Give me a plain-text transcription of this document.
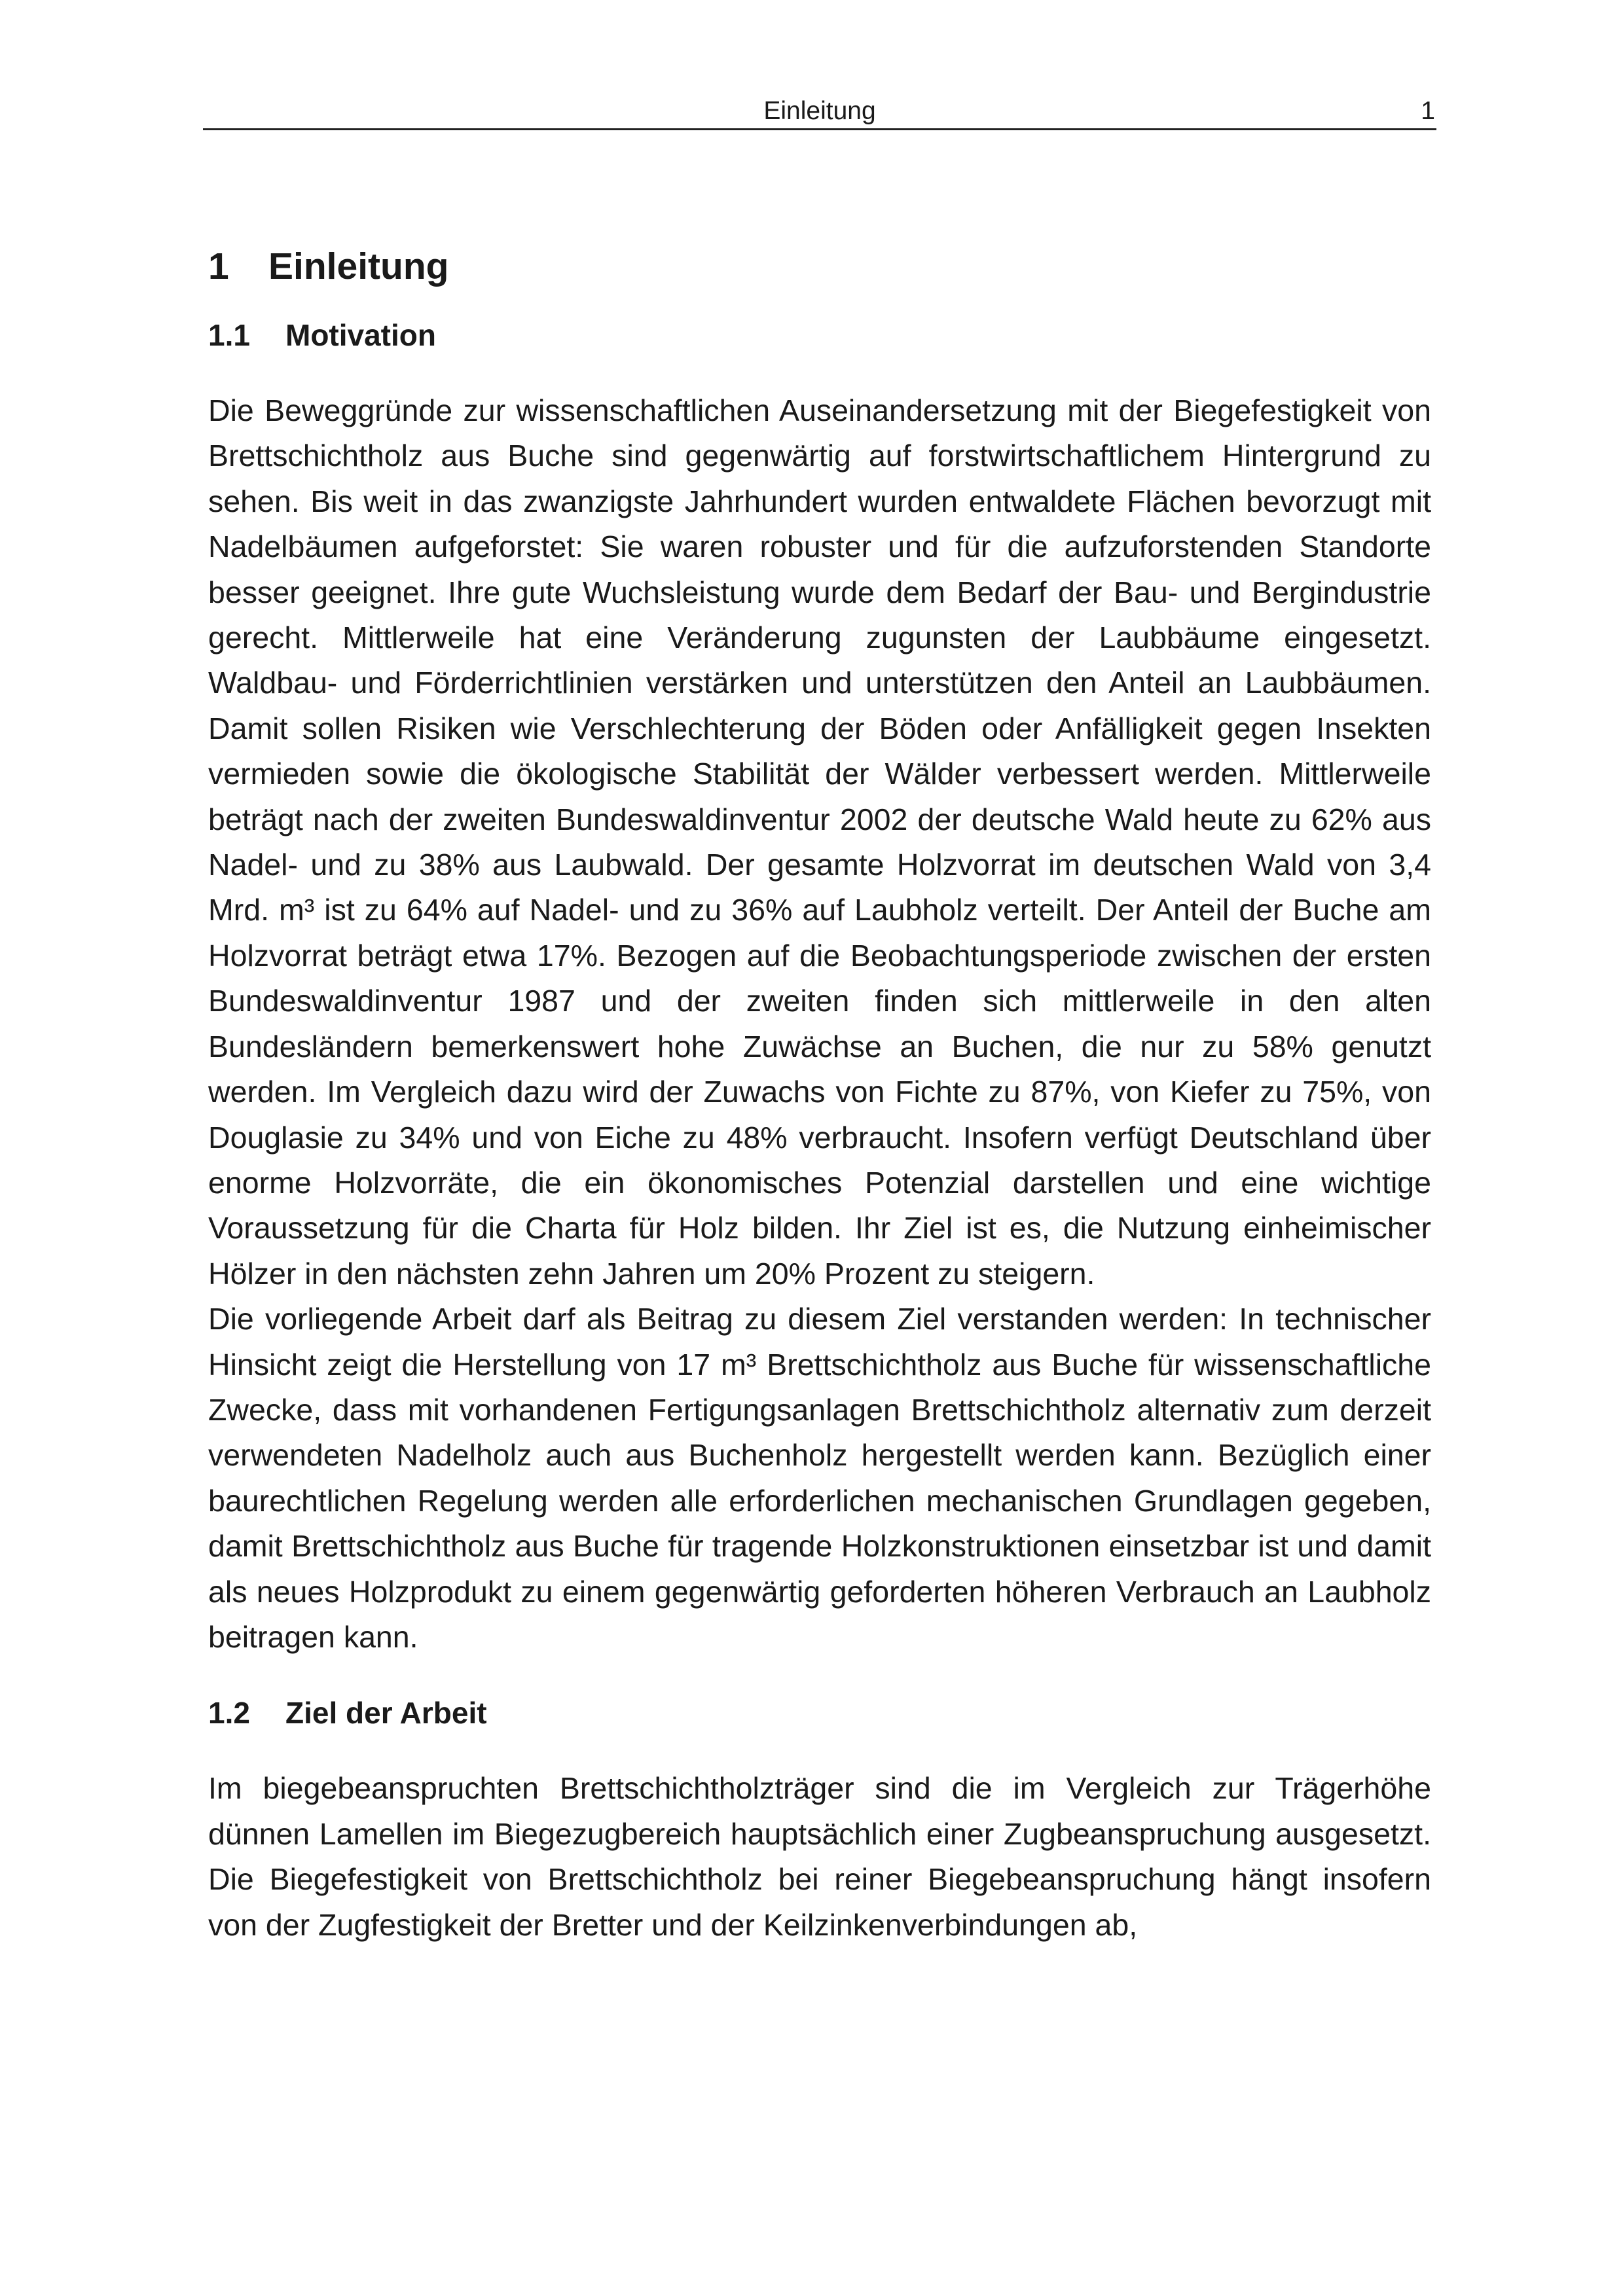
Einleitung	1
1 Einleitung
1.1 Motivation

Die Beweggründe zur wissenschaftlichen Auseinandersetzung mit der Biegefestigkeit von Brettschichtholz aus Buche sind gegenwärtig auf forstwirtschaftlichem Hintergrund zu sehen. Bis weit in das zwanzigste Jahrhundert wurden entwaldete Flächen bevorzugt mit Nadelbäumen aufgeforstet: Sie waren robuster und für die aufzuforstenden Standorte besser geeignet. Ihre gute Wuchsleistung wurde dem Bedarf der Bau- und Bergindustrie gerecht. Mittlerweile hat eine Veränderung zugunsten der Laubbäume eingesetzt. Waldbau- und Förderrichtlinien verstärken und unterstützen den Anteil an Laubbäumen. Damit sollen Risiken wie Verschlechterung der Böden oder Anfälligkeit gegen Insekten vermieden sowie die ökologische Stabilität der Wälder verbessert werden. Mittlerweile beträgt nach der zweiten Bundeswaldinventur 2002 der deutsche Wald heute zu 62% aus Nadel- und zu 38% aus Laubwald. Der gesamte Holzvorrat im deutschen Wald von 3,4 Mrd. m³ ist zu 64% auf Nadel- und zu 36% auf Laubholz verteilt. Der Anteil der Buche am Holzvorrat beträgt etwa 17%. Bezogen auf die Beobachtungsperiode zwischen der ersten Bundeswaldinventur 1987 und der zweiten finden sich mittlerweile in den alten Bundesländern bemerkenswert hohe Zuwächse an Buchen, die nur zu 58% genutzt werden. Im Vergleich dazu wird der Zuwachs von Fichte zu 87%, von Kiefer zu 75%, von Douglasie zu 34% und von Eiche zu 48% verbraucht. Insofern verfügt Deutschland über enorme Holzvorräte, die ein ökonomisches Potenzial darstellen und eine wichtige Voraussetzung für die Charta für Holz bilden. Ihr Ziel ist es, die Nutzung einheimischer Hölzer in den nächsten zehn Jahren um 20% Prozent zu steigern.

Die vorliegende Arbeit darf als Beitrag zu diesem Ziel verstanden werden: In technischer Hinsicht zeigt die Herstellung von 17 m³ Brettschichtholz aus Buche für wissenschaftliche Zwecke, dass mit vorhandenen Fertigungsanlagen Brettschichtholz alternativ zum derzeit verwendeten Nadelholz auch aus Buchenholz hergestellt werden kann. Bezüglich einer baurechtlichen Regelung werden alle erforderlichen mechanischen Grundlagen gegeben, damit Brettschichtholz aus Buche für tragende Holzkonstruktionen einsetzbar ist und damit als neues Holzprodukt zu einem gegenwärtig geforderten höheren Verbrauch an Laubholz beitragen kann.

1.2 Ziel der Arbeit

Im biegebeanspruchten Brettschichtholzträger sind die im Vergleich zur Trägerhöhe dünnen Lamellen im Biegezugbereich hauptsächlich einer Zugbeanspruchung ausgesetzt. Die Biegefestigkeit von Brettschichtholz bei reiner Biegebeanspruchung hängt insofern von der Zugfestigkeit der Bretter und der Keilzinkenverbindungen ab,
